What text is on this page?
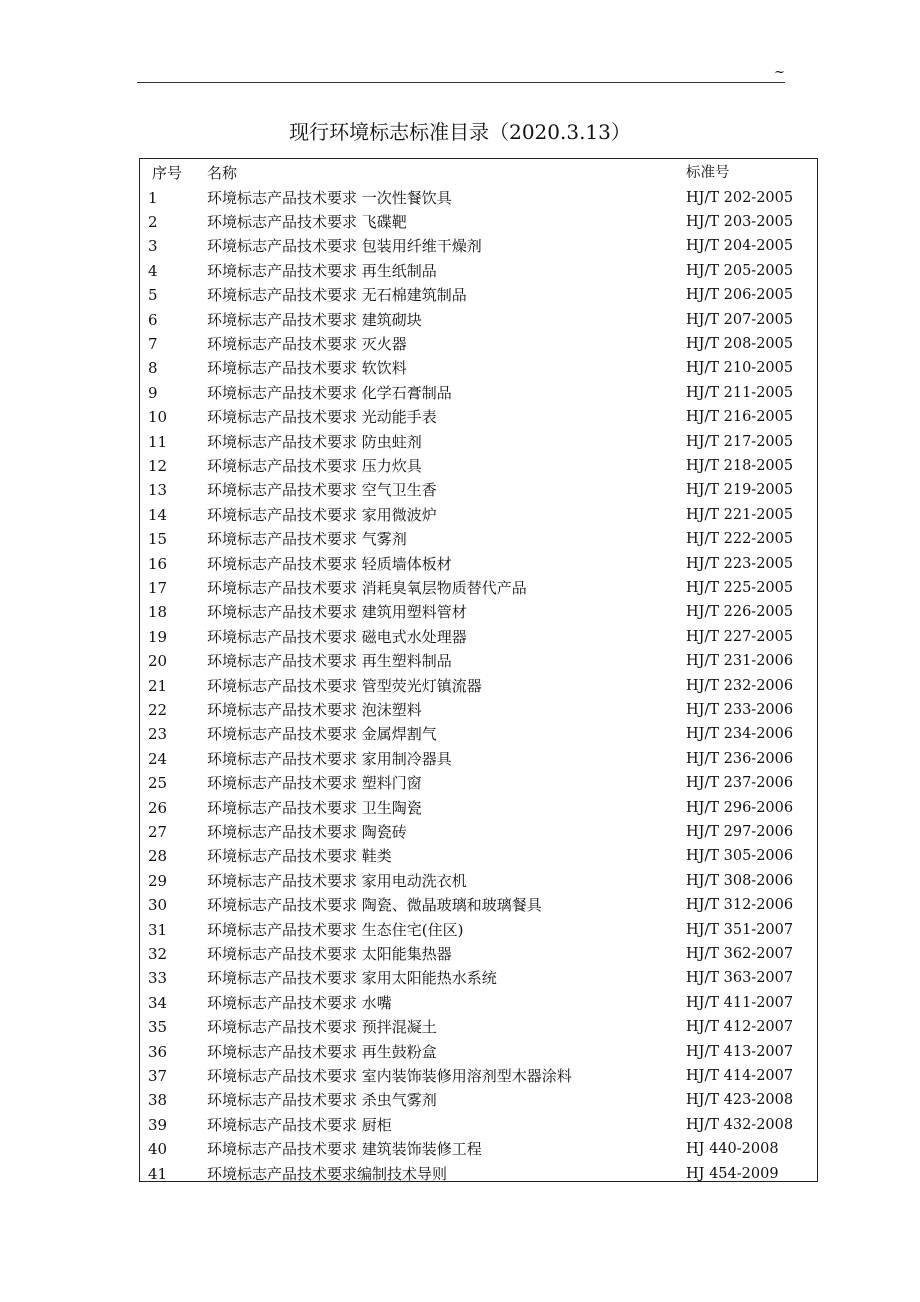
~
现行环境标志标准目录（2020.3.13）
序号 名称	标准号
1	环境标志产品技术要求 一次性餐饮具	HJ/T 202-2005
2	环境标志产品技术要求 飞碟靶	HJ/T 203-2005
3	环境标志产品技术要求 包装用纤维干燥剂	HJ/T 204-2005
4	环境标志产品技术要求 再生纸制品	HJ/T 205-2005
5	环境标志产品技术要求 无石棉建筑制品	HJ/T 206-2005
6	环境标志产品技术要求 建筑砌块	HJ/T 207-2005
7	环境标志产品技术要求 灭火器	HJ/T 208-2005
8	环境标志产品技术要求 软饮料	HJ/T 210-2005
9	环境标志产品技术要求 化学石膏制品	HJ/T 211-2005
10	环境标志产品技术要求 光动能手表	HJ/T 216-2005
11	环境标志产品技术要求 防虫蛀剂	HJ/T 217-2005
12	环境标志产品技术要求 压力炊具	HJ/T 218-2005
13	环境标志产品技术要求 空气卫生香	HJ/T 219-2005
14	环境标志产品技术要求 家用微波炉	HJ/T 221-2005
15	环境标志产品技术要求 气雾剂	HJ/T 222-2005
16	环境标志产品技术要求 轻质墙体板材	HJ/T 223-2005
17	环境标志产品技术要求 消耗臭氧层物质替代产品	HJ/T 225-2005
18	环境标志产品技术要求 建筑用塑料管材	HJ/T 226-2005
19	环境标志产品技术要求 磁电式水处理器	HJ/T 227-2005
20	环境标志产品技术要求 再生塑料制品	HJ/T 231-2006
21	环境标志产品技术要求 管型荧光灯镇流器	HJ/T 232-2006
22	环境标志产品技术要求 泡沫塑料	HJ/T 233-2006
23	环境标志产品技术要求 金属焊割气	HJ/T 234-2006
24	环境标志产品技术要求 家用制冷器具	HJ/T 236-2006
25	环境标志产品技术要求 塑料门窗	HJ/T 237-2006
26	环境标志产品技术要求 卫生陶瓷	HJ/T 296-2006
27	环境标志产品技术要求 陶瓷砖	HJ/T 297-2006
28	环境标志产品技术要求 鞋类	HJ/T 305-2006
29	环境标志产品技术要求 家用电动洗衣机	HJ/T 308-2006
30	环境标志产品技术要求 陶瓷、微晶玻璃和玻璃餐具	HJ/T 312-2006
31	环境标志产品技术要求 生态住宅(住区)	HJ/T 351-2007
32	环境标志产品技术要求 太阳能集热器	HJ/T 362-2007
33	环境标志产品技术要求 家用太阳能热水系统	HJ/T 363-2007
34	环境标志产品技术要求 水嘴	HJ/T 411-2007
35	环境标志产品技术要求 预拌混凝土	HJ/T 412-2007
36	环境标志产品技术要求 再生鼓粉盒	HJ/T 413-2007
37	环境标志产品技术要求 室内装饰装修用溶剂型木器涂料	HJ/T 414-2007
38	环境标志产品技术要求 杀虫气雾剂	HJ/T 423-2008
39	环境标志产品技术要求 厨柜	HJ/T 432-2008
40	环境标志产品技术要求 建筑装饰装修工程	HJ 440-2008
41	环境标志产品技术要求编制技术导则	HJ 454-2009
